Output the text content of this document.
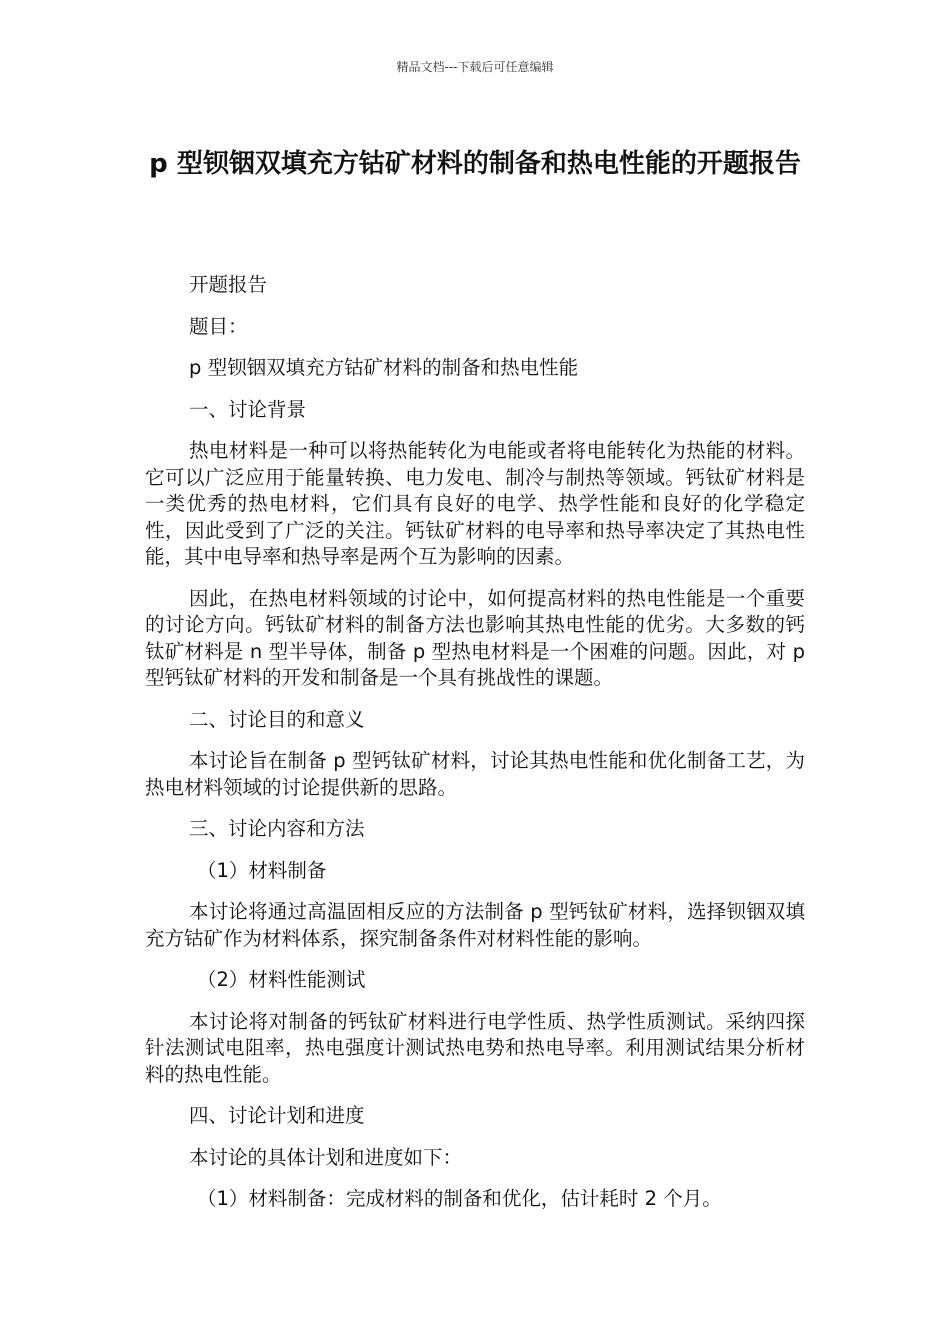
精品文档---下载后可任意编辑
p 型钡铟双填充方钴矿材料的制备和热电性能的开题报告

开题报告

题目：

p 型钡铟双填充方钴矿材料的制备和热电性能

一、讨论背景

热电材料是一种可以将热能转化为电能或者将电能转化为热能的材料。它可以广泛应用于能量转换、电力发电、制冷与制热等领域。钙钛矿材料是一类优秀的热电材料，它们具有良好的电学、热学性能和良好的化学稳定性，因此受到了广泛的关注。钙钛矿材料的电导率和热导率决定了其热电性能，其中电导率和热导率是两个互为影响的因素。

因此，在热电材料领域的讨论中，如何提高材料的热电性能是一个重要的讨论方向。钙钛矿材料的制备方法也影响其热电性能的优劣。大多数的钙钛矿材料是 n 型半导体，制备 p 型热电材料是一个困难的问题。因此，对 p 型钙钛矿材料的开发和制备是一个具有挑战性的课题。

二、讨论目的和意义

本讨论旨在制备 p 型钙钛矿材料，讨论其热电性能和优化制备工艺，为热电材料领域的讨论提供新的思路。

三、讨论内容和方法

（1）材料制备

本讨论将通过高温固相反应的方法制备 p 型钙钛矿材料，选择钡铟双填充方钴矿作为材料体系，探究制备条件对材料性能的影响。

（2）材料性能测试

本讨论将对制备的钙钛矿材料进行电学性质、热学性质测试。采纳四探针法测试电阻率，热电强度计测试热电势和热电导率。利用测试结果分析材料的热电性能。

四、讨论计划和进度

本讨论的具体计划和进度如下：

（1）材料制备：完成材料的制备和优化，估计耗时 2 个月。
